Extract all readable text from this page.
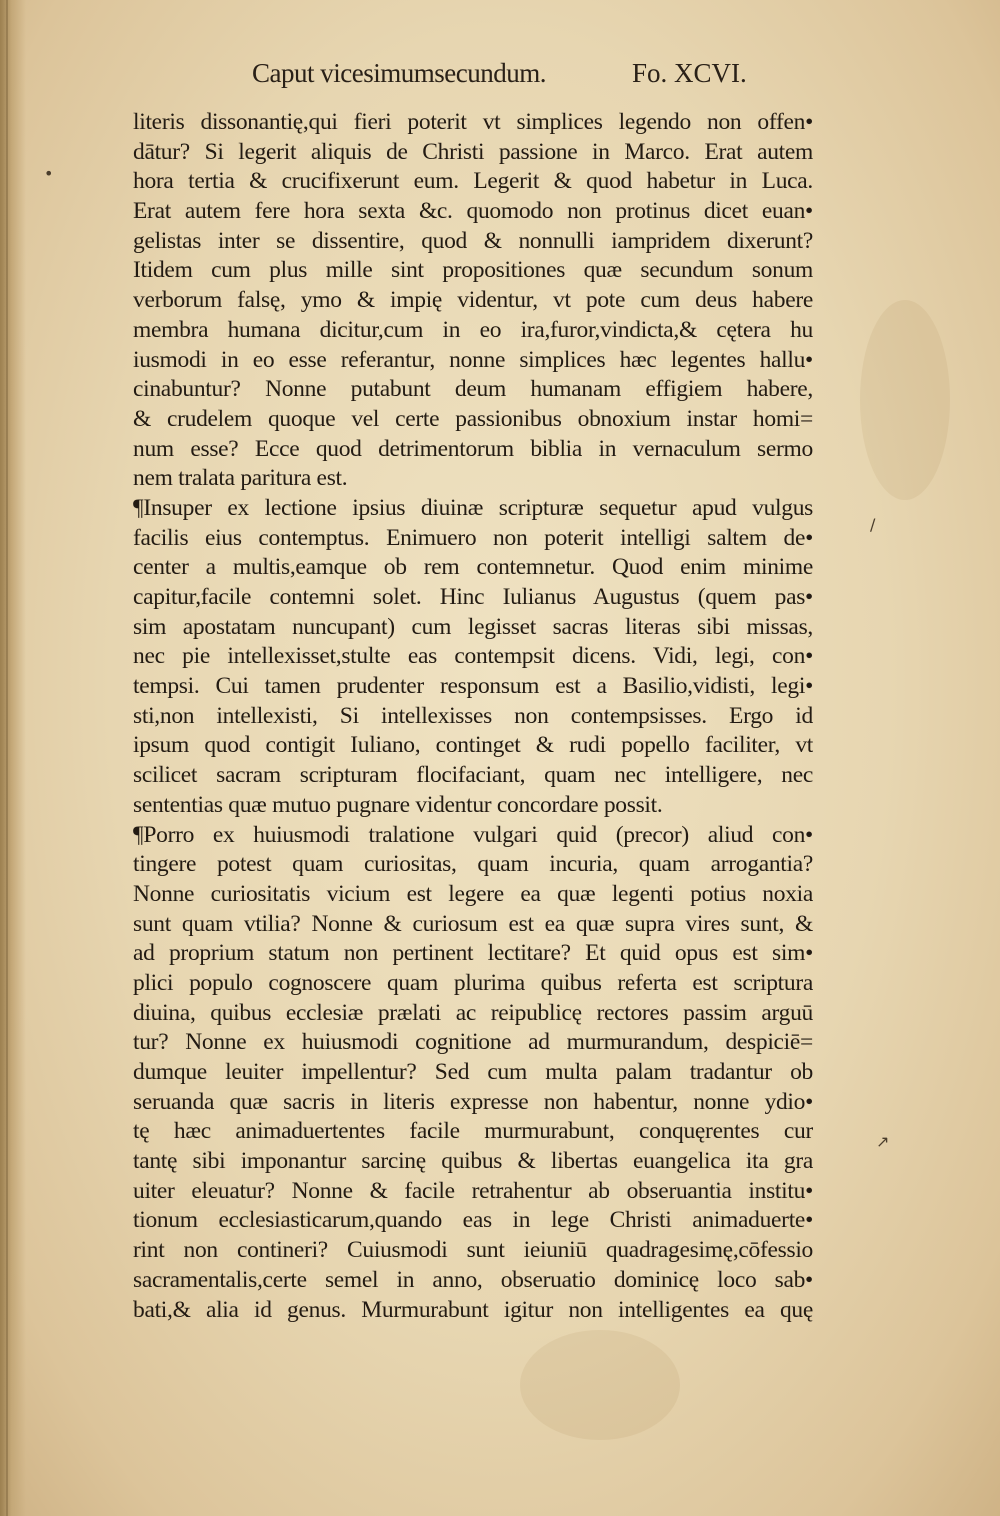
Caput vicesimumsecundum.	Fo. XCVI.
•
/
↗
literis dissonantię,qui fieri poterit vt simplices legendo non offen•
dātur? Si legerit aliquis de Christi passione in Marco. Erat autem
hora tertia & crucifixerunt eum. Legerit & quod habetur in Luca.
Erat autem fere hora sexta &c. quomodo non protinus dicet euan•
gelistas inter se dissentire, quod & nonnulli iampridem dixerunt?
Itidem cum plus mille sint propositiones quæ secundum sonum
verborum falsę, ymo & impię videntur, vt pote cum deus habere
membra humana dicitur,cum in eo ira,furor,vindicta,& cętera hu
iusmodi in eo esse referantur, nonne simplices hæc legentes hallu•
cinabuntur? Nonne putabunt deum humanam effigiem habere,
& crudelem quoque vel certe passionibus obnoxium instar homi=
num esse? Ecce quod detrimentorum biblia in vernaculum sermo
nem tralata paritura est.
¶Insuper ex lectione ipsius diuinæ scripturæ sequetur apud vulgus
facilis eius contemptus. Enimuero non poterit intelligi saltem de•
center a multis,eamque ob rem contemnetur. Quod enim minime
capitur,facile contemni solet. Hinc Iulianus Augustus (quem pas•
sim apostatam nuncupant) cum legisset sacras literas sibi missas,
nec pie intellexisset,stulte eas contempsit dicens. Vidi, legi, con•
tempsi. Cui tamen prudenter responsum est a Basilio,vidisti, legi•
sti,non intellexisti, Si intellexisses non contempsisses. Ergo id
ipsum quod contigit Iuliano, continget & rudi popello faciliter, vt
scilicet sacram scripturam flocifaciant, quam nec intelligere, nec
sententias quæ mutuo pugnare videntur concordare possit.
¶Porro ex huiusmodi tralatione vulgari quid (precor) aliud con•
tingere potest quam curiositas, quam incuria, quam arrogantia?
Nonne curiositatis vicium est legere ea quæ legenti potius noxia
sunt quam vtilia? Nonne & curiosum est ea quæ supra vires sunt, &
ad proprium statum non pertinent lectitare? Et quid opus est sim•
plici populo cognoscere quam plurima quibus referta est scriptura
diuina, quibus ecclesiæ prælati ac reipublicę rectores passim arguū
tur? Nonne ex huiusmodi cognitione ad murmurandum, despiciē=
dumque leuiter impellentur? Sed cum multa palam tradantur ob
seruanda quæ sacris in literis expresse non habentur, nonne ydio•
tę hæc animaduertentes facile murmurabunt, conquęrentes cur
tantę sibi imponantur sarcinę quibus & libertas euangelica ita gra
uiter eleuatur? Nonne & facile retrahentur ab obseruantia institu•
tionum ecclesiasticarum,quando eas in lege Christi animaduerte•
rint non contineri? Cuiusmodi sunt ieiuniū quadragesimę,cōfessio
sacramentalis,certe semel in anno, obseruatio dominicę loco sab•
bati,& alia id genus. Murmurabunt igitur non intelligentes ea quę
